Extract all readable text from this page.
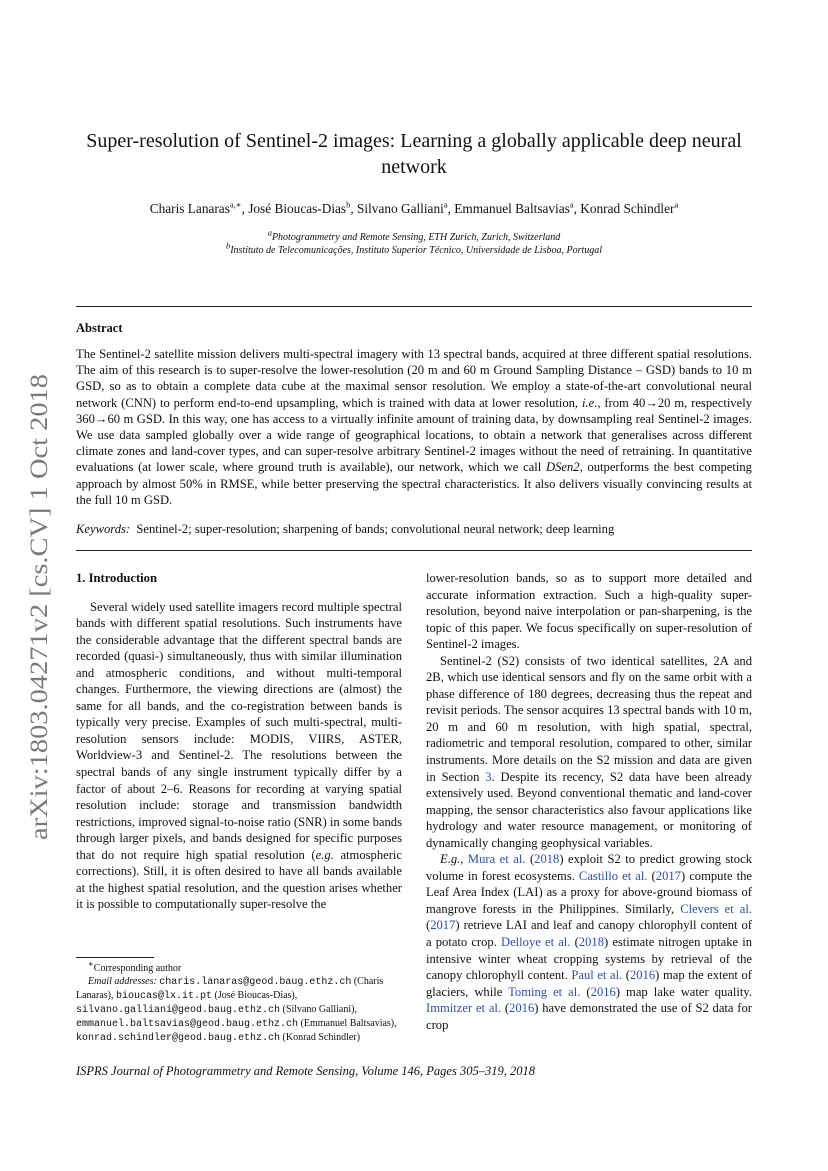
arXiv:1803.04271v2 [cs.CV] 1 Oct 2018
Super-resolution of Sentinel-2 images: Learning a globally applicable deep neural
network
Charis Lanaras$^{a,∗}$, José Bioucas-Dias$^b$, Silvano Galliani$^a$, Emmanuel Baltsavias$^a$, Konrad Schindler$^a$
$^a$Photogrammetry and Remote Sensing, ETH Zurich, Zurich, Switzerland
$^b$Instituto de Telecomunicações, Instituto Superior Técnico, Universidade de Lisboa, Portugal
Abstract
The Sentinel-2 satellite mission delivers multi-spectral imagery with 13 spectral bands, acquired at three different spatial resolutions. The aim of this research is to super-resolve the lower-resolution (20 m and 60 m Ground Sampling Distance – GSD) bands to 10 m GSD, so as to obtain a complete data cube at the maximal sensor resolution. We employ a state-of-the-art convolutional neural network (CNN) to perform end-to-end upsampling, which is trained with data at lower resolution, i.e., from 40→20 m, respectively 360→60 m GSD. In this way, one has access to a virtually infinite amount of training data, by downsampling real Sentinel-2 images. We use data sampled globally over a wide range of geographical locations, to obtain a network that generalises across different climate zones and land-cover types, and can super-resolve arbitrary Sentinel-2 images without the need of retraining. In quantitative evaluations (at lower scale, where ground truth is available), our network, which we call DSen2, outperforms the best competing approach by almost 50% in RMSE, while better preserving the spectral characteristics. It also delivers visually convincing results at the full 10 m GSD.
Keywords: Sentinel-2; super-resolution; sharpening of bands; convolutional neural network; deep learning

1. Introduction

Several widely used satellite imagers record multiple spectral bands with different spatial resolutions. Such instruments have the considerable advantage that the different spectral bands are recorded (quasi-) simultaneously, thus with similar illumination and atmospheric conditions, and without multi-temporal changes. Furthermore, the viewing directions are (almost) the same for all bands, and the co-registration between bands is typically very precise. Examples of such multi-spectral, multi-resolution sensors include: MODIS, VIIRS, ASTER, Worldview-3 and Sentinel-2. The resolutions between the spectral bands of any single instrument typically differ by a factor of about 2–6. Reasons for recording at varying spatial resolution include: storage and transmission bandwidth restrictions, improved signal-to-noise ratio (SNR) in some bands through larger pixels, and bands designed for specific purposes that do not require high spatial resolution (e.g. atmospheric corrections). Still, it is often desired to have all bands available at the highest spatial resolution, and the question arises whether it is possible to computationally super-resolve the

lower-resolution bands, so as to support more detailed and accurate information extraction. Such a high-quality super-resolution, beyond naive interpolation or pan-sharpening, is the topic of this paper. We focus specifically on super-resolution of Sentinel-2 images.

Sentinel-2 (S2) consists of two identical satellites, 2A and 2B, which use identical sensors and fly on the same orbit with a phase difference of 180 degrees, decreasing thus the repeat and revisit periods. The sensor acquires 13 spectral bands with 10 m, 20 m and 60 m resolution, with high spatial, spectral, radiometric and temporal resolution, compared to other, similar instruments. More details on the S2 mission and data are given in Section 3. Despite its recency, S2 data have been already extensively used. Beyond conventional thematic and land-cover mapping, the sensor characteristics also favour applications like hydrology and water resource management, or monitoring of dynamically changing geophysical variables.

E.g., Mura et al. (2018) exploit S2 to predict growing stock volume in forest ecosystems. Castillo et al. (2017) compute the Leaf Area Index (LAI) as a proxy for above-ground biomass of mangrove forests in the Philippines. Similarly, Clevers et al. (2017) retrieve LAI and leaf and canopy chlorophyll content of a potato crop. Delloye et al. (2018) estimate nitrogen uptake in intensive winter wheat cropping systems by retrieval of the canopy chlorophyll content. Paul et al. (2016) map the extent of glaciers, while Toming et al. (2016) map lake water quality. Immitzer et al. (2016) have demonstrated the use of S2 data for crop

∗Corresponding author

Email addresses: charis.lanaras@geod.baug.ethz.ch (Charis Lanaras), bioucas@lx.it.pt (José Bioucas-Dias), silvano.galliani@geod.baug.ethz.ch (Silvano Galliani), emmanuel.baltsavias@geod.baug.ethz.ch (Emmanuel Baltsavias), konrad.schindler@geod.baug.ethz.ch (Konrad Schindler)

ISPRS Journal of Photogrammetry and Remote Sensing, Volume 146, Pages 305–319, 2018
